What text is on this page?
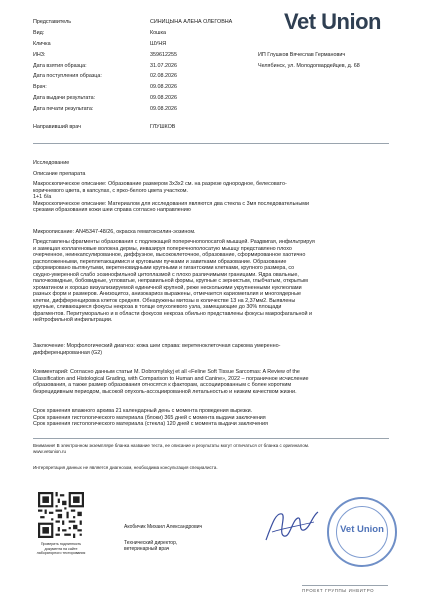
Представитель	СИНИЦЫНА АЛЕНА ОЛЕГОВНА
Вид:	Кошка
Кличка	ШУНЯ
ИНЗ:	359612255
Дата взятия образца:	31.07.2026
Дата поступления образца:	02.08.2026
Врач:	09.08.2026
Дата выдачи результата:	09.08.2026
Дата печати результата:	09.08.2026
Направивший врач	ГЛУШКОВ
Vet Union
ИП Глушков Вячеслав Германович
Челябинск, ул. Молодогвардейцев, д. 68
Исследование
Описание препарата
Макроскопическое описание: Образование размером 3х3х2 см. на разрезе однородное, белесовато-
коричневого цвета, в капсулах, с ярко-белого цвета участком.
1+1 б/а
Микроскопическое описание: Материалом для исследования являются два стекла с 3мя последовательными
срезами образования кожи шеи справа согласно направлению
Микроописание: AN45347-48/26, окраска гематоксилин-эозином.
Представлены фрагменты образования с подлежащей поперечнополосатой мышцей. Раздвигая, инфильтрируя
и замещая коллагеновые волокна дермы, инвазируя поперечнополосатую мышцу представлено плохо
очерченное, неинкапсулированное, диффузное, высококлеточное, образование, сформированное хаотично
расположенными, переплетающимися и круговыми пучками и завитками образование. Образование
сформировано вытянутыми, веретеновидными крупными и гигантскими клетками, крупного размера, со
скудно-умеренной слабо эозинофильной цитоплазмой с плохо различимыми границами. Ядра овальные,
палочковидные, бобовидные, угловатые, неправильной формы, крупные с зернистым, глыбчатым, открытым
хроматином и хорошо визуализируемой единичной крупной, реже несколькими укрупненными нуклеолами
разных форм и размеров. Анизоцитоз, анизокариоз выражены, отмечается кариомегалия и многоядерные
клетки, дифференцировка клеток средняя. Обнаружены митозы в количестве 13 на 2,37мм2. Выявлены
крупные, сливающиеся фокусы некроза в толще опухолевого узла, замещающие до 30% площади
фрагментов. Перитуморально и в области фокусов некроза обильно представлены фокусы макрофагальной и
нейтрофильной инфильтрации.
Заключение: Морфологический диагноз: кожа шеи справа: веретеноклеточная саркома умеренно-
дифференцированная (G2)
Комментарий: Согласно данным статьи M. Dobromylskyj et all «Feline Soft Tissue Sarcomas: A Review of the
Classification and Histological Grading, with Comparison to Human and Canine», 2022 – пограничное исчисление
образования, а также размер образования относятся к факторам, ассоциированным с более коротким
безрецидивным периодом, высокой опухоль-ассоциированной летальностью и низким качеством жизни.
Срок хранения влажного архива 21 календарный день с момента проведения вырезки.
Срок хранения гистологического материала (блоки) 365 дней с момента выдачи заключения
Срок хранения гистологического материала (стекла) 120 дней с момента выдачи заключения
Внимание! В электронном экземпляре бланка название теста, ее описание и результаты могут отличаться от бланка с оригиналом.
www.vetunion.ru
Интерпретация данных не является диагнозом, необходима консультация специалиста.
Проверить подлинность
документа на сайте
лабораторного тестирования
Акобичик Михаил Александрович
Технический директор,
ветеринарный врач
Vet Union
ПРОЕКТ ГРУППЫ ИНВИТРО
